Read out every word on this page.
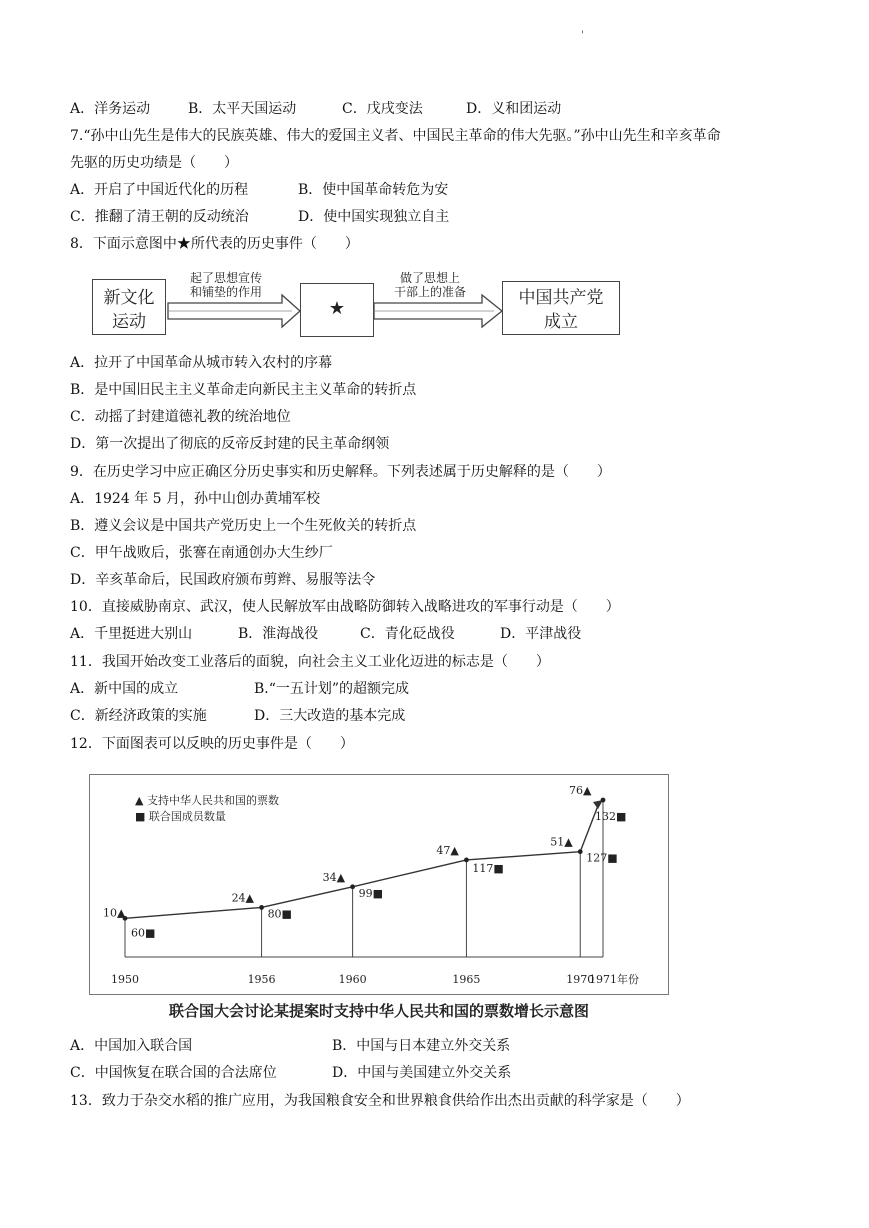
'
A．洋务运动	B．太平天国运动	C．戊戌变法	D．义和团运动
7.“孙中山先生是伟大的民族英雄、伟大的爱国主义者、中国民主革命的伟大先驱。”孙中山先生和辛亥革命
先驱的历史功绩是（　　）
A．开启了中国近代化的历程	B．使中国革命转危为安
C．推翻了清王朝的反动统治	D．使中国实现独立自主
8．下面示意图中★所代表的历史事件（　　）
新文化
运动
起了思想宣传
和铺垫的作用
★
做了思想上
干部上的准备	中国共产党
成立
A．拉开了中国革命从城市转入农村的序幕
B．是中国旧民主主义革命走向新民主主义革命的转折点
C．动摇了封建道德礼教的统治地位
D．第一次提出了彻底的反帝反封建的民主革命纲领
9．在历史学习中应正确区分历史事实和历史解释。下列表述属于历史解释的是（　　）
A．1924 年 5 月，孙中山创办黄埔军校
B．遵义会议是中国共产党历史上一个生死攸关的转折点
C．甲午战败后，张謇在南通创办大生纱厂
D．辛亥革命后，民国政府颁布剪辫、易服等法令
10．直接威胁南京、武汉，使人民解放军由战略防御转入战略进攻的军事行动是（　　）
A．千里挺进大别山	B．淮海战役	C．青化砭战役	D．平津战役
11．我国开始改变工业落后的面貌，向社会主义工业化迈进的标志是（　　）
A．新中国的成立	B.“一五计划”的超额完成
C．新经济政策的实施	D．三大改造的基本完成
12．下面图表可以反映的历史事件是（　　）
10▲
60■
24▲
80■
34▲
99■
47▲
117■
51▲
127■
76▲
132■
1950	1956	1960	1965	1970
1971 年份
▲ 支持中华人民共和国的票数
■ 联合国成员数量
联合国大会讨论某提案时支持中华人民共和国的票数增长示意图
A．中国加入联合国	B．中国与日本建立外交关系
C．中国恢复在联合国的合法席位	D．中国与美国建立外交关系
13．致力于杂交水稻的推广应用，为我国粮食安全和世界粮食供给作出杰出贡献的科学家是（　　）
